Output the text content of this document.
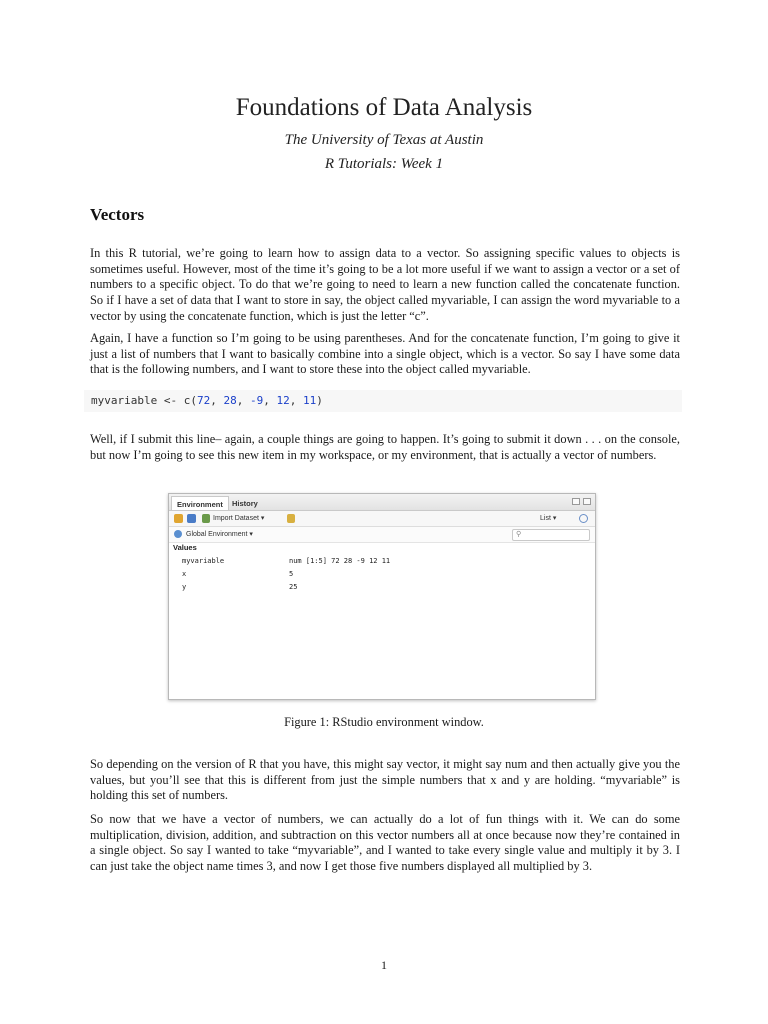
Foundations of Data Analysis
The University of Texas at Austin
R Tutorials: Week 1
Vectors
In this R tutorial, we’re going to learn how to assign data to a vector. So assigning specific values to objects is sometimes useful. However, most of the time it’s going to be a lot more useful if we want to assign a vector or a set of numbers to a specific object. To do that we’re going to need to learn a new function called the concatenate function. So if I have a set of data that I want to store in say, the object called myvariable, I can assign the word myvariable to a vector by using the concatenate function, which is just the letter “c”.
Again, I have a function so I’m going to be using parentheses. And for the concatenate function, I’m going to give it just a list of numbers that I want to basically combine into a single object, which is a vector. So say I have some data that is the following numbers, and I want to store these into the object called myvariable.
myvariable <- c(72, 28, -9, 12, 11)
Well, if I submit this line– again, a couple things are going to happen. It’s going to submit it down . . . on the console, but now I’m going to see this new item in my workspace, or my environment, that is actually a vector of numbers.
Environment	History
Import Dataset ▾	List ▾
Global Environment ▾	⚲
Values
myvariable	num [1:5] 72 28 -9 12 11
x	5
y	25
Figure 1: RStudio environment window.
So depending on the version of R that you have, this might say vector, it might say num and then actually give you the values, but you’ll see that this is different from just the simple numbers that x and y are holding. “myvariable” is holding this set of numbers.
So now that we have a vector of numbers, we can actually do a lot of fun things with it. We can do some multiplication, division, addition, and subtraction on this vector numbers all at once because now they’re contained in a single object. So say I wanted to take “myvariable”, and I wanted to take every single value and multiply it by 3. I can just take the object name times 3, and now I get those five numbers displayed all multiplied by 3.
1
